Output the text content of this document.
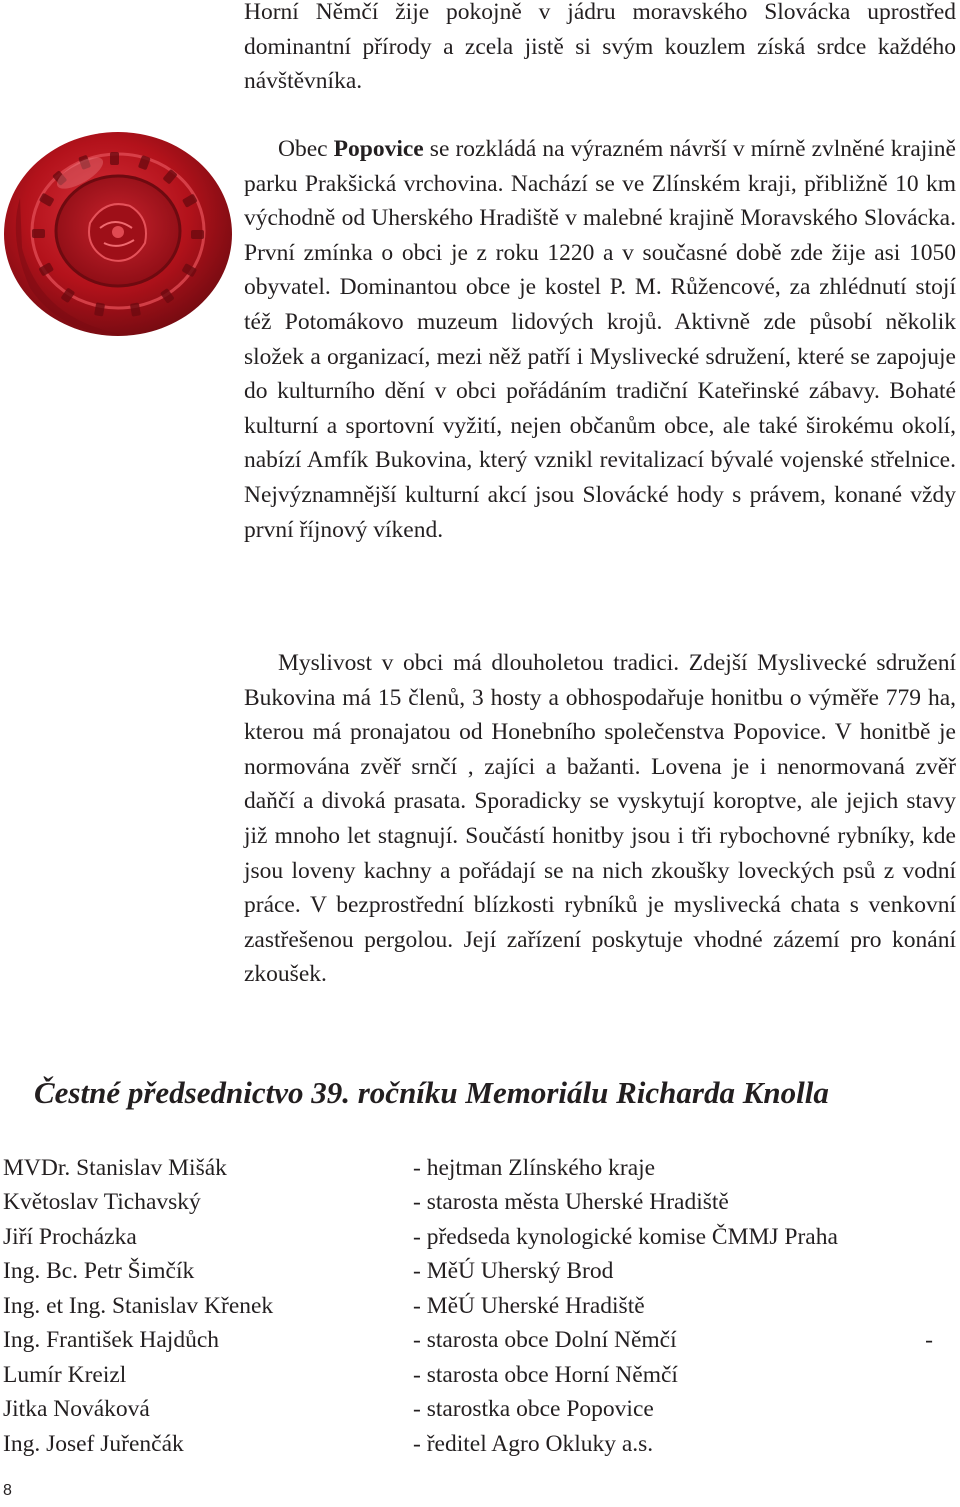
Horní Němčí žije pokojně v jádru moravského Slovácka uprostřed dominantní přírody a zcela jistě si svým kouzlem získá srdce každého návštěvníka.

Obec Popovice se rozkládá na výrazném návrší v mírně zvlněné krajině parku Prakšická vrchovina. Nachází se ve Zlínském kraji, přibližně 10 km východně od Uherského Hradiště v malebné krajině Moravského Slovácka. První zmínka o obci je z roku 1220 a v současné době zde žije asi 1050 obyvatel. Dominantou obce je kostel P. M. Růžencové, za zhlédnutí stojí též Potomákovo muzeum lidových krojů. Aktivně zde působí několik složek a organizací, mezi něž patří i Myslivecké sdružení, které se zapojuje do kulturního dění v obci pořádáním tradiční Kateřinské zábavy. Bohaté kulturní a sportovní vyžití, nejen občanům obce, ale také širokému okolí, nabízí Amfík Bukovina, který vznikl revitalizací bývalé vojenské střelnice. Nejvýznamnější kulturní akcí jsou Slovácké hody s právem, konané vždy první říjnový víkend.

Myslivost v obci má dlouholetou tradici. Zdejší Myslivecké sdružení Bukovina má 15 členů, 3 hosty a obhospodařuje honitbu o výměře 779 ha, kterou má pronajatou od Honebního společenstva Popovice. V honitbě je normována zvěř srnčí , zajíci a bažanti. Lovena je i nenormovaná zvěř daňčí a divoká prasata. Sporadicky se vyskytují koroptve, ale jejich stavy již mnoho let stagnují. Součástí honitby jsou i tři rybochovné rybníky, kde jsou loveny kachny a pořádají se na nich zkoušky loveckých psů z vodní práce. V bezprostřední blízkosti rybníků je myslivecká chata s venkovní zastřešenou pergolou. Její zařízení poskytuje vhodné zázemí pro konání zkoušek.

Čestné předsednictvo 39. ročníku Memoriálu Richarda Knolla
MVDr. Stanislav Mišák	- hejtman Zlínského kraje
Květoslav Tichavský	- starosta města Uherské Hradiště
Jiří Procházka	- předseda kynologické komise ČMMJ Praha
Ing. Bc. Petr Šimčík	- MěÚ Uherský Brod
Ing. et Ing. Stanislav Křenek	- MěÚ Uherské Hradiště
Ing. František Hajdůch	- starosta obce Dolní Němčí	-
Lumír Kreizl	- starosta obce Horní Němčí
Jitka Nováková	- starostka obce Popovice
Ing. Josef Juřenčák	- ředitel Agro Okluky a.s.
8
